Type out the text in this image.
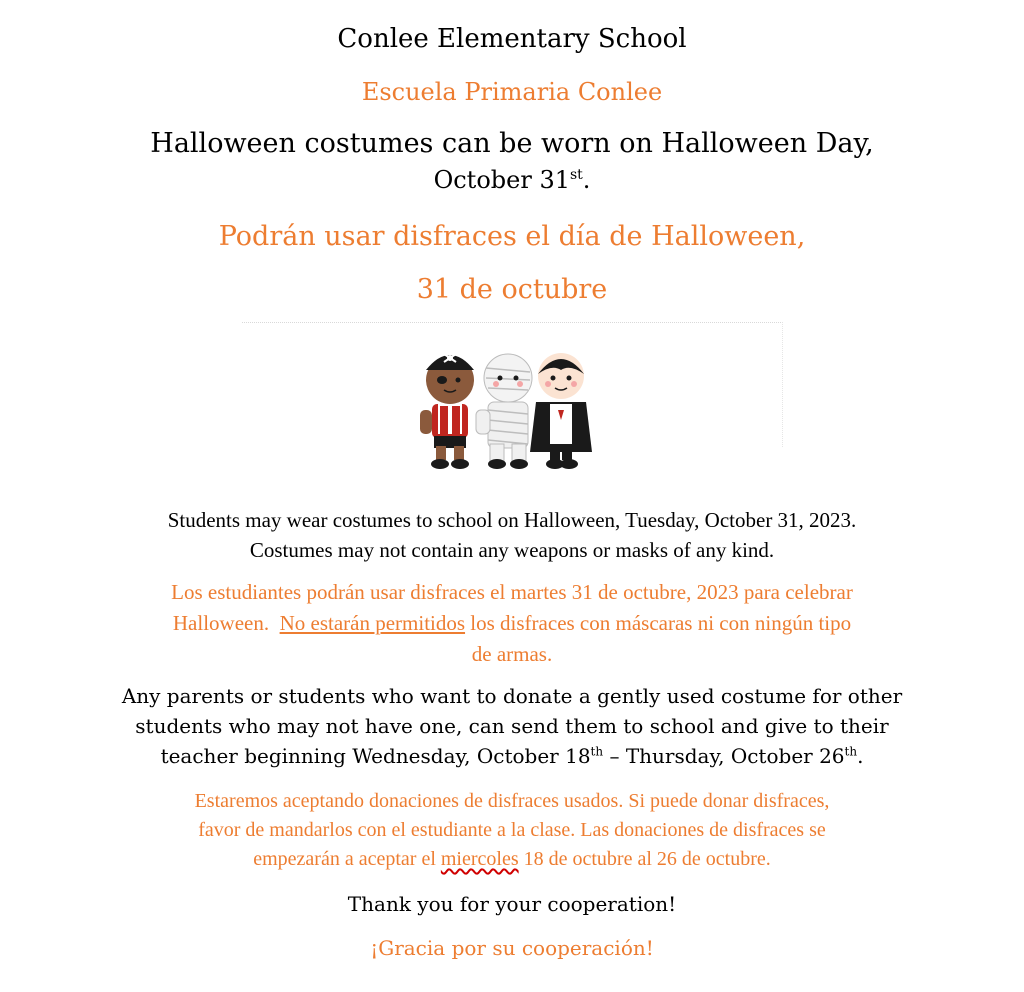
Conlee Elementary School
Escuela Primaria Conlee
Halloween costumes can be worn on Halloween Day,
October 31st.
Podrán usar disfraces el día de Halloween,
31 de octubre
Students may wear costumes to school on Halloween, Tuesday, October 31, 2023.
Costumes may not contain any weapons or masks of any kind.
Los estudiantes podrán usar disfraces el martes 31 de octubre, 2023 para celebrar
Halloween.  No estarán permitidos los disfraces con máscaras ni con ningún tipo
de armas.
Any parents or students who want to donate a gently used costume for other
students who may not have one, can send them to school and give to their
teacher beginning Wednesday, October 18th – Thursday, October 26th.
Estaremos aceptando donaciones de disfraces usados. Si puede donar disfraces,
favor de mandarlos con el estudiante a la clase. Las donaciones de disfraces se
empezarán a aceptar el miercoles 18 de octubre al 26 de octubre.
Thank you for your cooperation!
¡Gracia por su cooperación!
